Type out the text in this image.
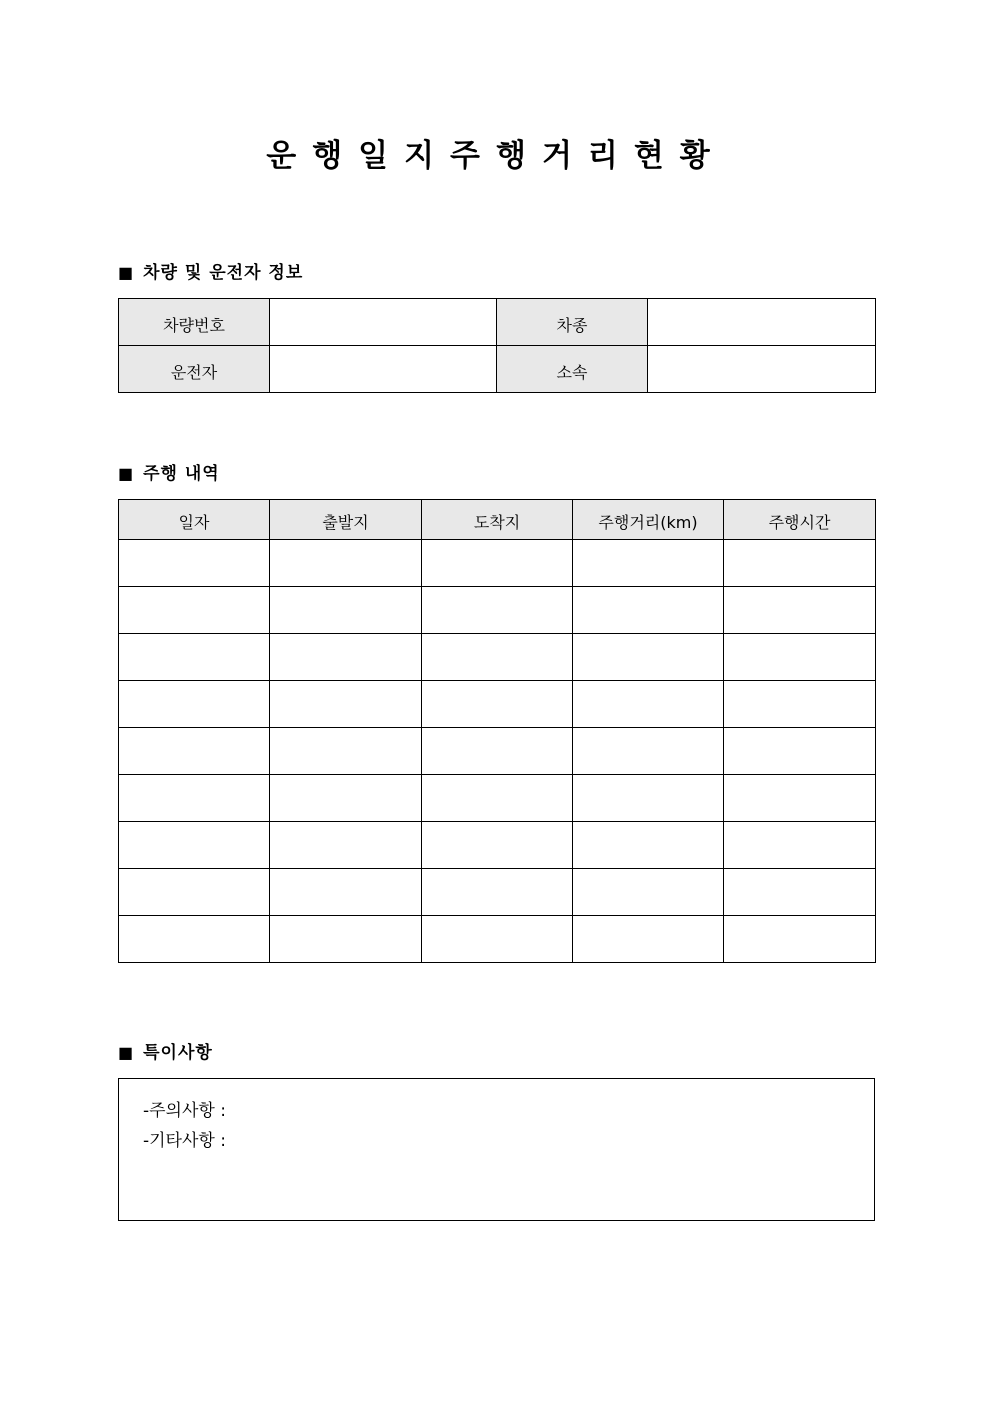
운행일지주행거리현황
■ 차량 및 운전자 정보
차량번호		차종	
운전자		소속	
■ 주행 내역
일자	출발지	도착지	주행거리(km)	주행시간

■ 특이사항
-주의사항 :
-기타사항 :
